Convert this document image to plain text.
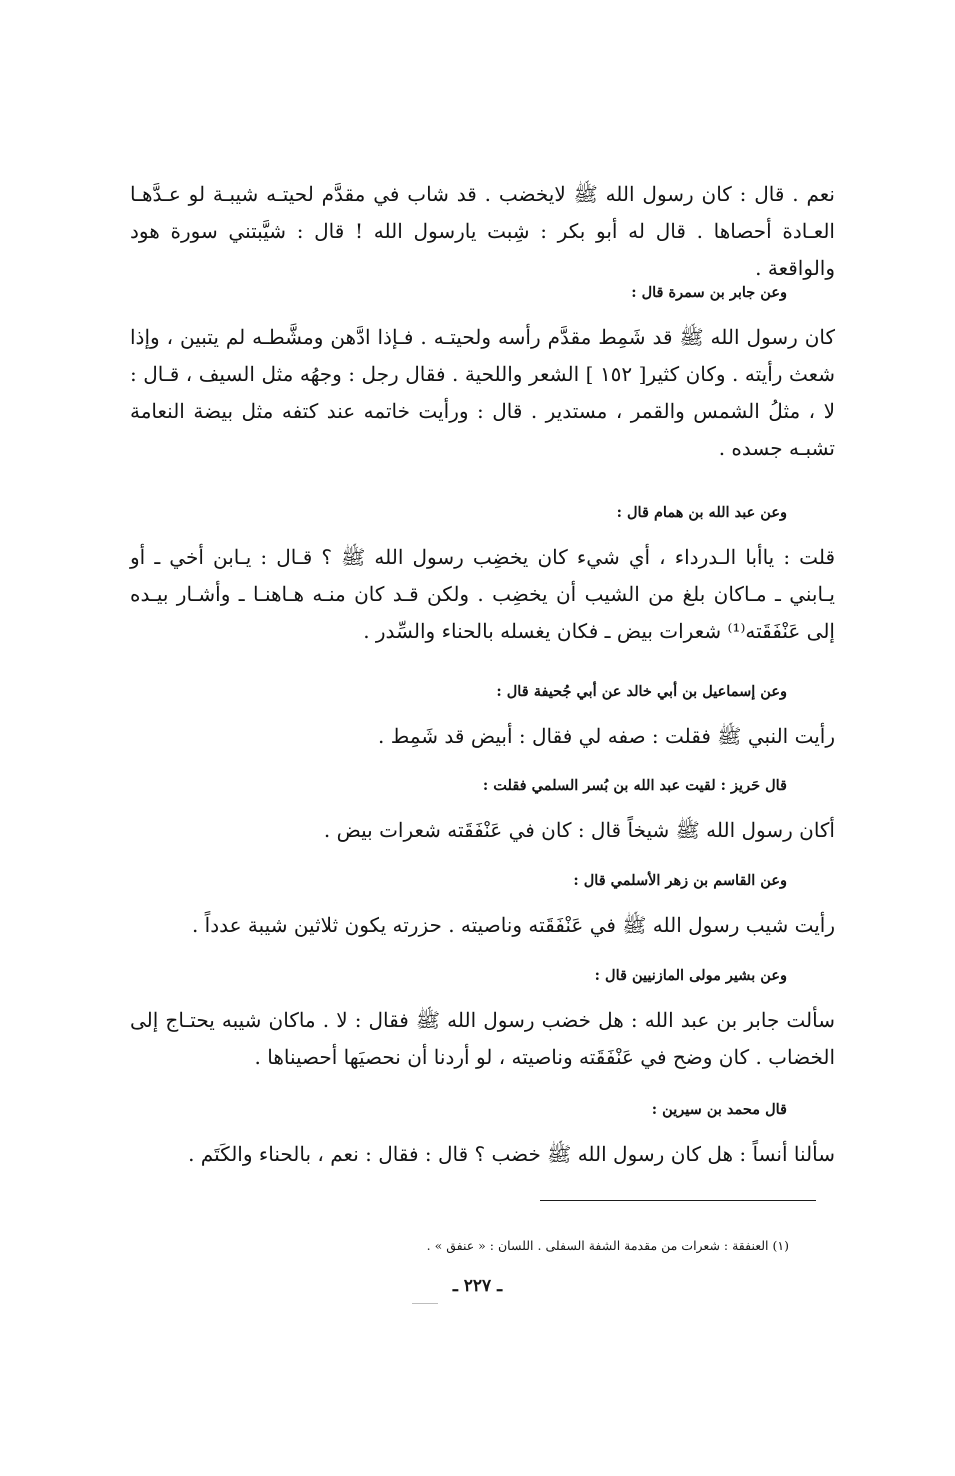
نعم . قال : كان رسول الله ﷺ لايخضب . قد شاب في مقدَّم لحيتـه شيبـة لو عـدَّهـا العـادة أحصاها . قال له أبو بكر : شِبت يارسول الله ! قال : شيَّبتني سورة هود والواقعة .

وعن جابر بن سمرة قال :

كان رسول الله ﷺ قد شَمِط مقدَّم رأسه ولحيتـه . فـإذا ادَّهن ومشَّطـه لم يتبين ، وإذا شعث رأيته . وكان كثير[ ١٥٢ ] الشعر واللحية . فقال رجل : وجهُه مثل السيف ، قـال : لا ، مثلُ الشمس والقمر ، مستدير . قال : ورأيت خاتمه عند كتفه مثل بيضة النعامة تشبـه جسده .

وعن عبد الله بن همام قال :

قلت : ياأبا الـدرداء ، أي شيء كان يخضِب رسول الله ﷺ ؟ قـال : يـابن أخي ـ أو يـابني ـ مـاكان بلغ من الشيب أن يخضِب . ولكن قـد كان منـه هـاهنـا ـ وأشـار بيـده إلى عَنْفَقَته⁽¹⁾ شعرات بيض ـ فكان يغسله بالحناء والسِّدر .

وعن إسماعيل بن أبي خالد عن أبي جُحيفة قال :

رأيت النبي ﷺ فقلت : صفه لي فقال : أبيض قد شَمِط .

قال حَريز : لقيت عبد الله بن بُسر السلمي فقلت :

أكان رسول الله ﷺ شيخاً قال : كان في عَنْفَقَته شعرات بيض .

وعن القاسم بن زهر الأسلمي قال :

رأيت شيب رسول الله ﷺ في عَنْفَقَته وناصيته . حزرته يكون ثلاثين شيبة عدداً .

وعن بشير مولى المازنيين قال :

سألت جابر بن عبد الله : هل خضب رسول الله ﷺ فقال : لا . ماكان شيبه يحتـاج إلى الخضاب . كان وضح في عَنْفَقَته وناصيته ، لو أردنا أن نحصيَها أحصيناها .

قال محمد بن سيرين :

سألنا أنساً : هل كان رسول الله ﷺ خضب ؟ قال : فقال : نعم ، بالحناء والكَتَم .

(١) العنفقة : شعرات من مقدمة الشفة السفلى . اللسان : « عنفق » .
ـ ٢٢٧ ـ
